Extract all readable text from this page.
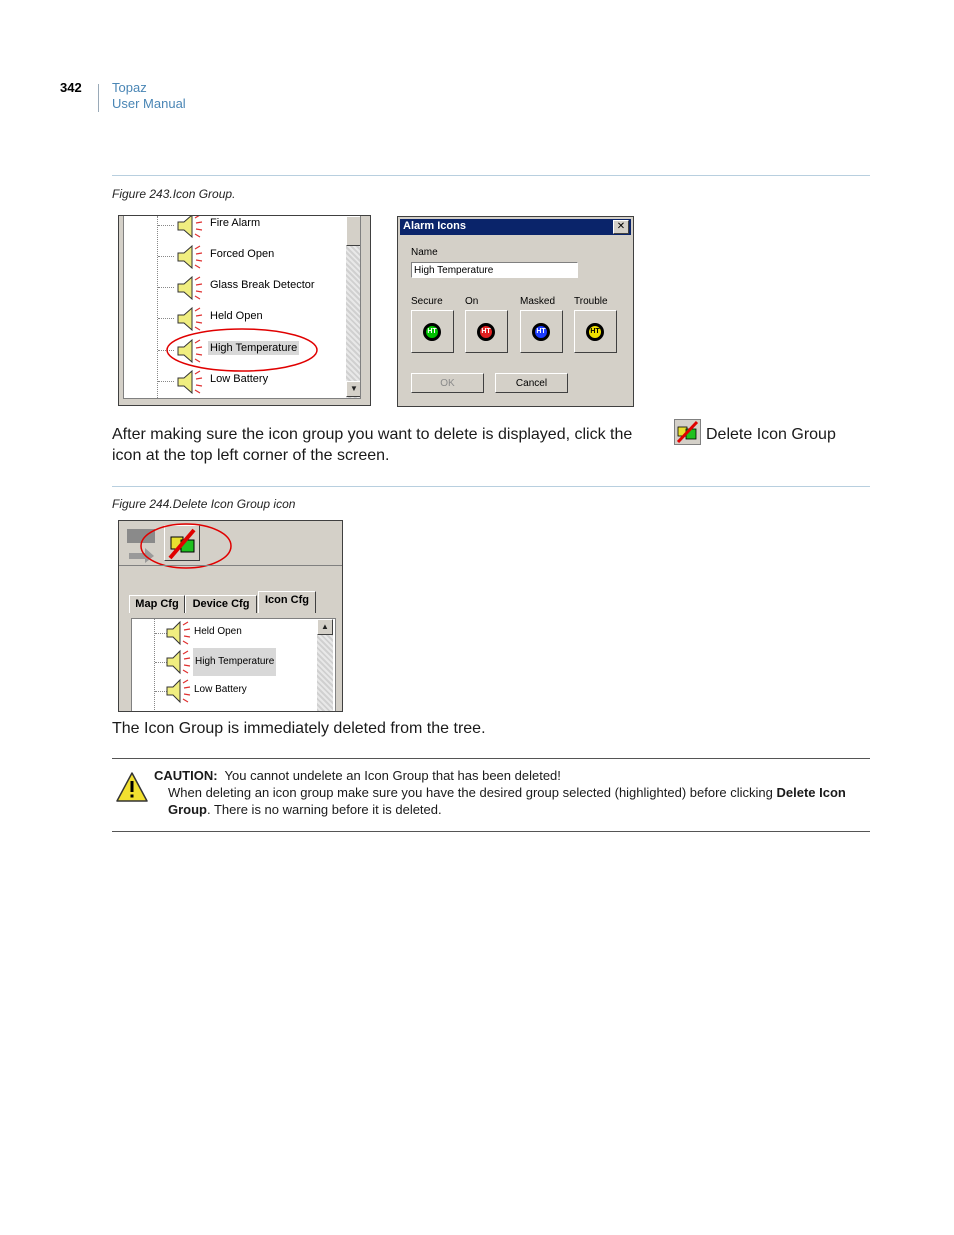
342 Topaz
User Manual
Figure 243.Icon Group.
Fire Alarm
Forced Open
Glass Break Detector
Held Open
High Temperature
Low Battery
▼
Alarm Icons	✕
Name
High Temperature
Secure On	Masked Trouble
HT	HT	HT	HT
OK	Cancel
After making sure the icon group you want to delete is displayed, click the	Delete Icon Group
icon at the top left corner of the screen.
Figure 244.Delete Icon Group icon
Map Cfg	Device Cfg	Icon Cfg
Held Open
High Temperature
Low Battery
▲
The Icon Group is immediately deleted from the tree.
CAUTION: You cannot undelete an Icon Group that has been deleted!
When deleting an icon group make sure you have the desired group selected (highlighted) before clicking Delete Icon Group. There is no warning before it is deleted.
